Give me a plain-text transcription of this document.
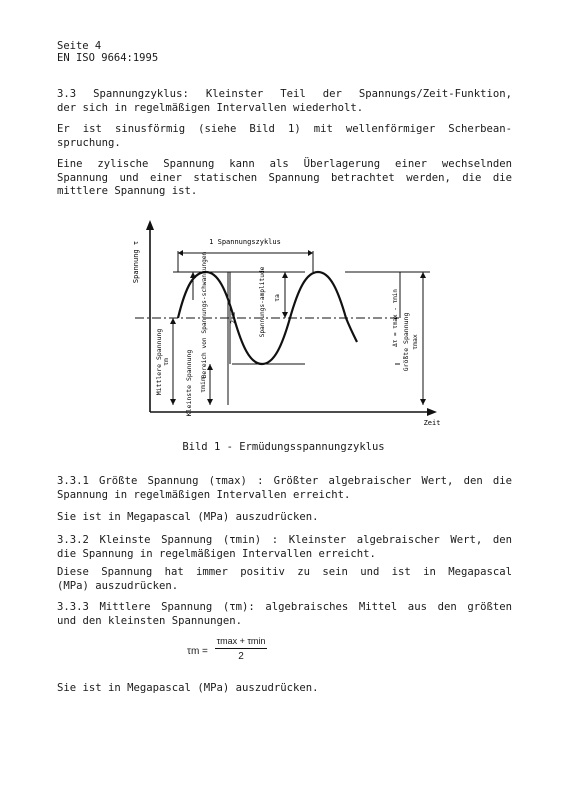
Seite 4
EN ISO 9664:1995
3.3 Spannungzyklus: Kleinster Teil der Spannungs/Zeit-Funktion,
der sich in regelmäßigen Intervallen wiederholt.
Er ist sinusförmig (siehe Bild 1) mit wellenförmiger Scherbean-
spruchung.
Eine zylische Spannung kann als Überlagerung einer wechselnden
Spannung und einer statischen Spannung betrachtet werden, die die
mittlere Spannung ist.
Spannung τ
Zeit
1 Spannungszyklus
Mittlere Spannung τm Kleinste Spannung τmin
Bereich von Spannungs-schwankungen	2τa	Spannungs-amplitude τa	Δτ = τmax - τmin Größte Spannung τmax
Bild 1 - Ermüdungsspannungzyklus
3.3.1 Größte Spannung (τmax) : Größter algebraischer Wert, den die
Spannung in regelmäßigen Intervallen erreicht.
Sie ist in Megapascal (MPa) auszudrücken.
3.3.2 Kleinste Spannung (τmin) : Kleinster algebraischer Wert, den
die Spannung in regelmäßigen Intervallen erreicht.
Diese Spannung hat immer positiv zu sein und ist in Megapascal
(MPa) auszudrücken.
3.3.3 Mittlere Spannung (τm): algebraisches Mittel aus den größten
und den kleinsten Spannungen.
τm =
τmax + τmin
2
Sie ist in Megapascal (MPa) auszudrücken.
